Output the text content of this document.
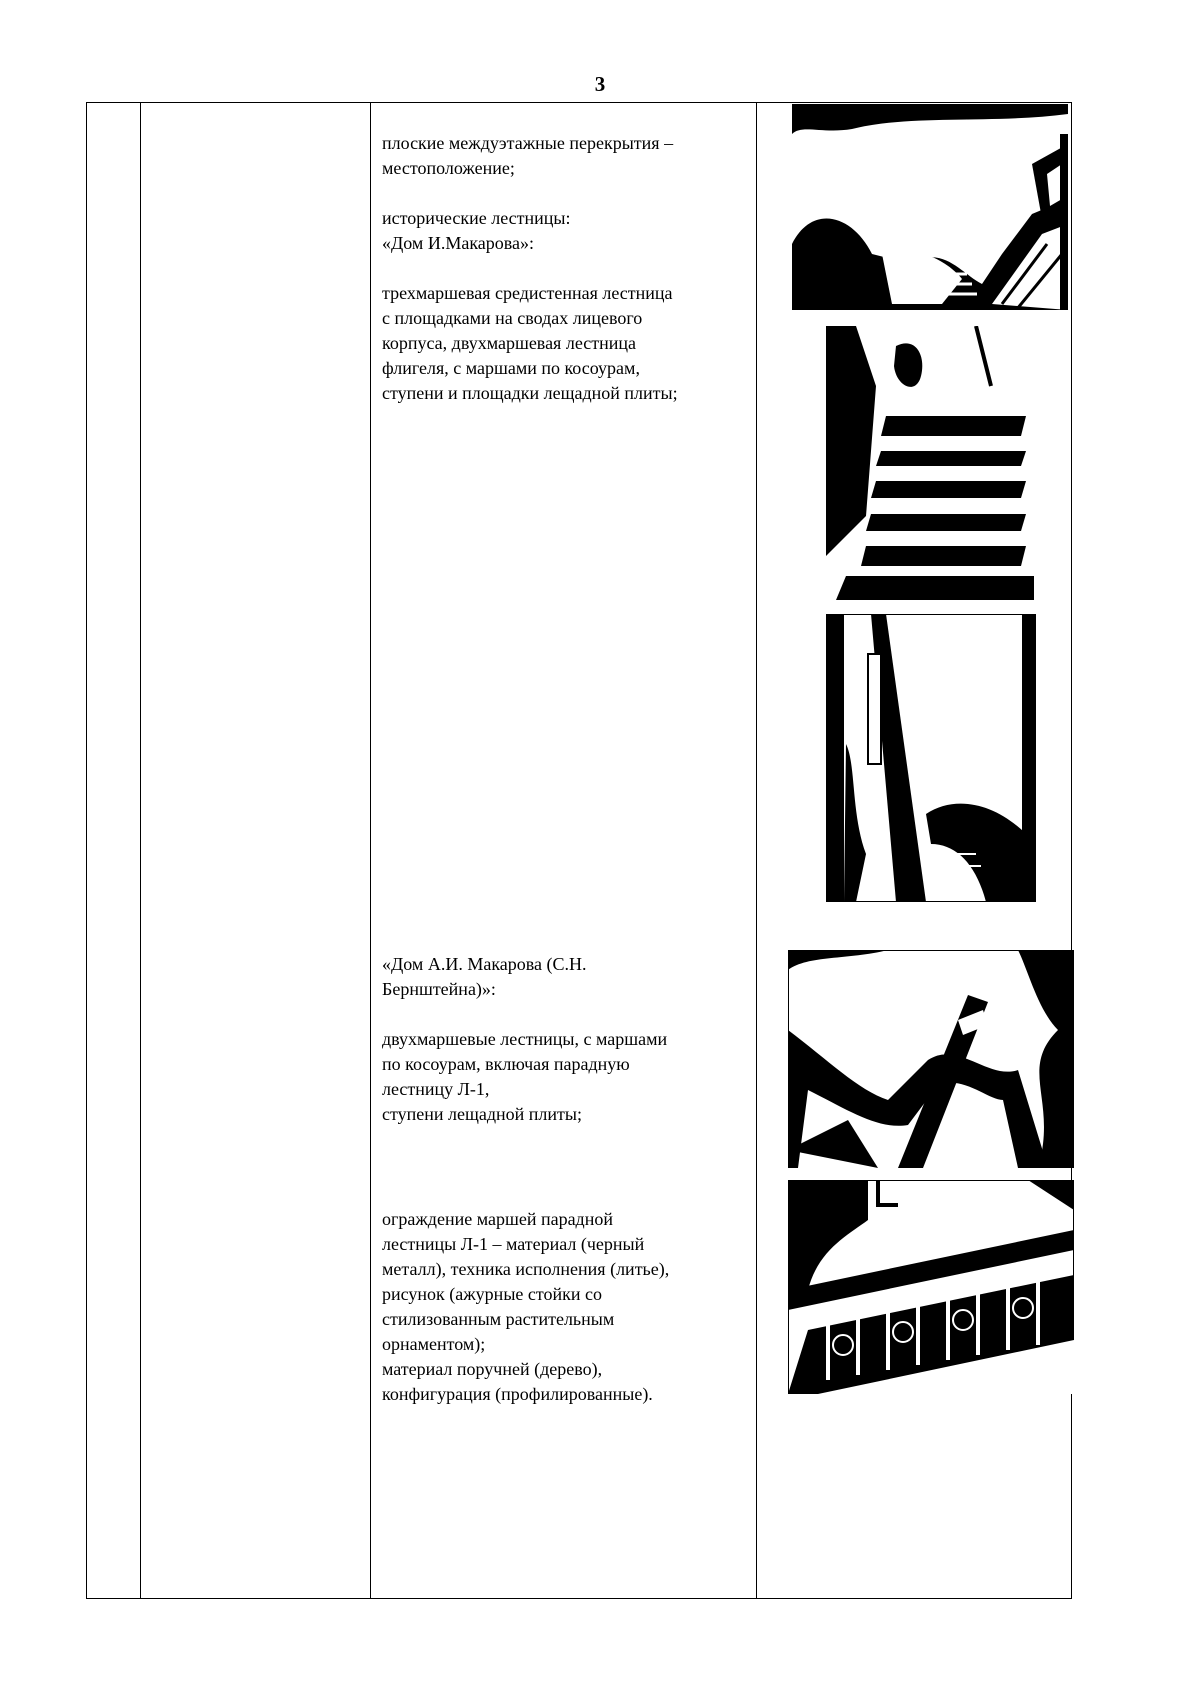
3

плоские междуэтажные перекрытия –
местоположение;

исторические лестницы:
«Дом И.Макарова»:

трехмаршевая средистенная лестница
с площадками на сводах лицевого
корпуса, двухмаршевая лестница
флигеля, с маршами по косоурам,
ступени и площадки лещадной плиты;

«Дом А.И. Макарова (С.Н.
Бернштейна)»:

двухмаршевые лестницы, с маршами
по косоурам, включая парадную
лестницу Л-1,
ступени лещадной плиты;

ограждение маршей парадной
лестницы Л-1 – материал (черный
металл), техника исполнения (литье),
рисунок (ажурные стойки со
стилизованным растительным
орнаментом);
материал поручней (дерево),
конфигурация (профилированные).
